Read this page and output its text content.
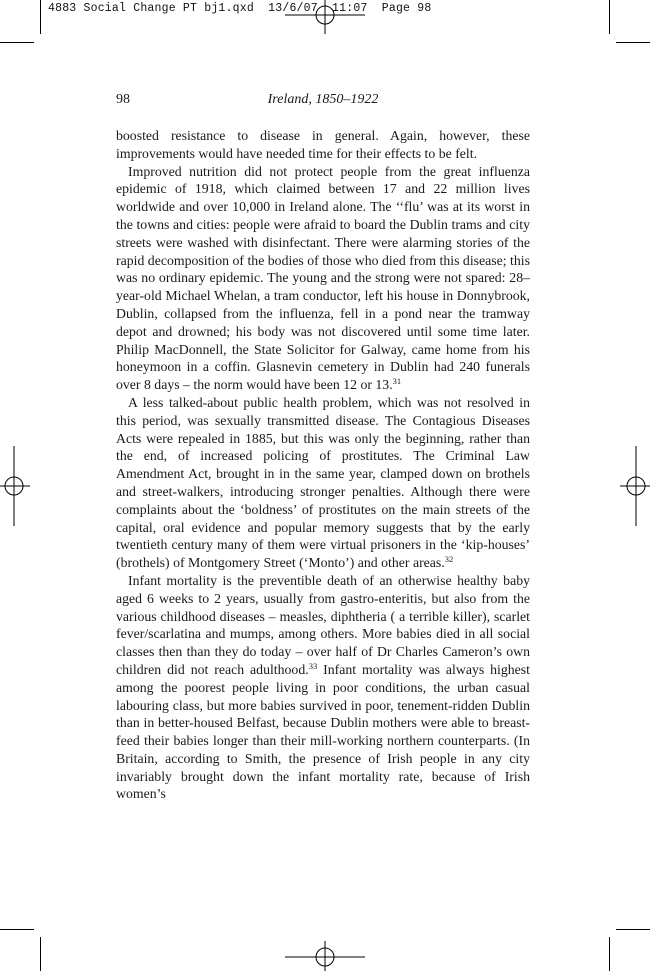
4883 Social Change PT bj1.qxd  13/6/07  11:07  Page 98
98	Ireland, 1850–1922

boosted resistance to disease in general. Again, however, these improvements would have needed time for their effects to be felt.

Improved nutrition did not protect people from the great influenza epidemic of 1918, which claimed between 17 and 22 million lives worldwide and over 10,000 in Ireland alone. The ‘‘flu’ was at its worst in the towns and cities: people were afraid to board the Dublin trams and city streets were washed with disinfectant. There were alarming stories of the rapid decomposition of the bodies of those who died from this disease; this was no ordinary epidemic. The young and the strong were not spared: 28–year-old Michael Whelan, a tram conductor, left his house in Donnybrook, Dublin, collapsed from the influenza, fell in a pond near the tramway depot and drowned; his body was not discovered until some time later. Philip MacDonnell, the State Solicitor for Galway, came home from his honeymoon in a coffin. Glasnevin cemetery in Dublin had 240 funerals over 8 days – the norm would have been 12 or 13.31

A less talked-about public health problem, which was not resolved in this period, was sexually transmitted disease. The Contagious Diseases Acts were repealed in 1885, but this was only the beginning, rather than the end, of increased policing of prostitutes. The Criminal Law Amendment Act, brought in in the same year, clamped down on brothels and street-walkers, introducing stronger penalties. Although there were complaints about the ‘boldness’ of prostitutes on the main streets of the capital, oral evidence and popular memory suggests that by the early twentieth century many of them were virtual prisoners in the ‘kip-houses’ (brothels) of Montgomery Street (‘Monto’) and other areas.$^{32}$

Infant mortality is the preventible death of an otherwise healthy baby aged 6 weeks to 2 years, usually from gastro-enteritis, but also from the various childhood diseases – measles, diphtheria ( a terrible killer), scarlet fever/scarlatina and mumps, among others. More babies died in all social classes then than they do today – over half of Dr Charles Cameron’s own children did not reach adulthood.$^{33}$ Infant mortality was always highest among the poorest people living in poor conditions, the urban casual labouring class, but more babies survived in poor, tenement-ridden Dublin than in better-housed Belfast, because Dublin mothers were able to breast-feed their babies longer than their mill-working northern counterparts. (In Britain, according to Smith, the presence of Irish people in any city invariably brought down the infant mortality rate, because of Irish women’s
